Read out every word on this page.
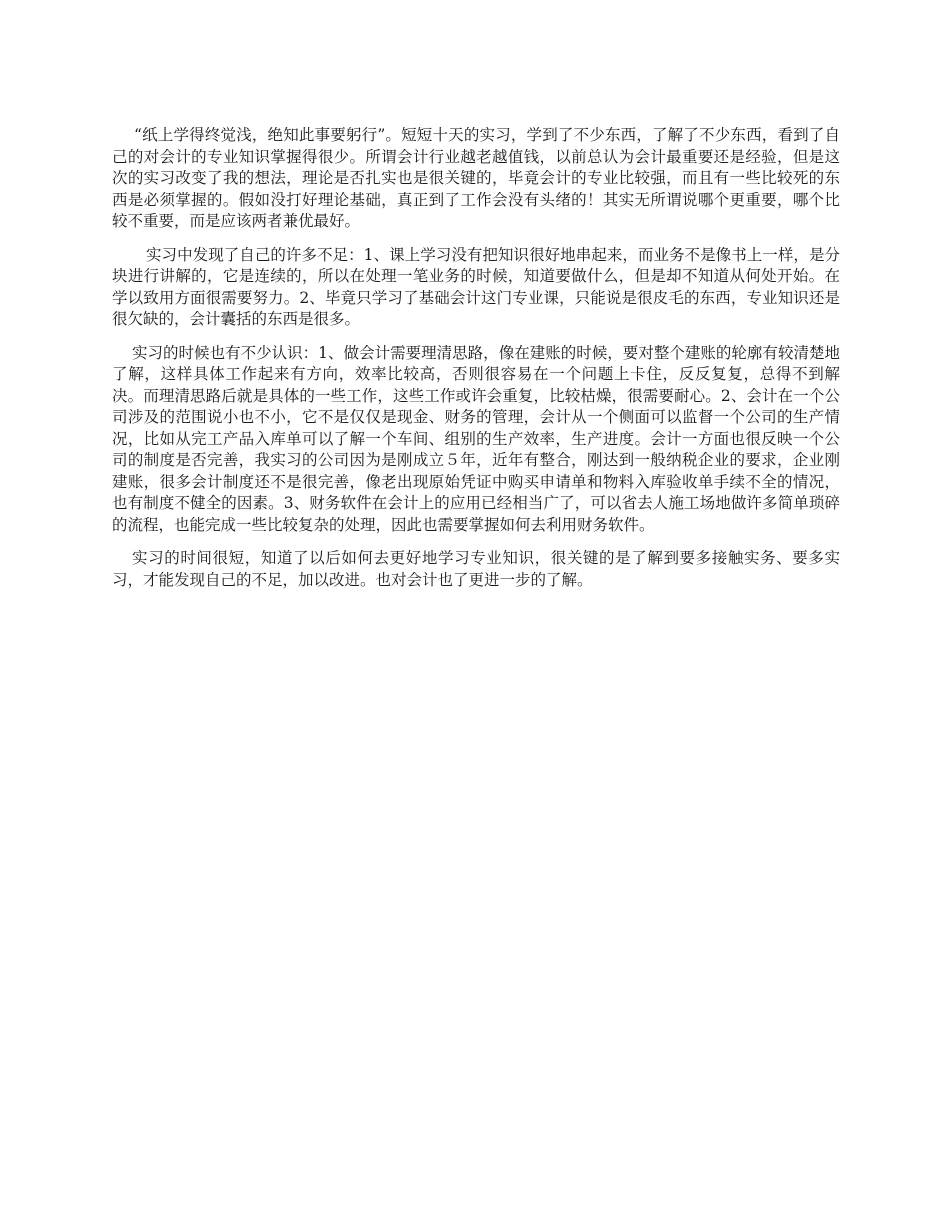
“纸上学得终觉浅，绝知此事要躬行”。短短十天的实习，学到了不少东西，了解了不少东西，看到了自己的对会计的专业知识掌握得很少。所谓会计行业越老越值钱，以前总认为会计最重要还是经验，但是这次的实习改变了我的想法，理论是否扎实也是很关键的，毕竟会计的专业比较强，而且有一些比较死的东西是必须掌握的。假如没打好理论基础，真正到了工作会没有头绪的！其实无所谓说哪个更重要，哪个比较不重要，而是应该两者兼优最好。

实习中发现了自己的许多不足：1、课上学习没有把知识很好地串起来，而业务不是像书上一样，是分块进行讲解的，它是连续的，所以在处理一笔业务的时候，知道要做什么，但是却不知道从何处开始。在学以致用方面很需要努力。2、毕竟只学习了基础会计这门专业课，只能说是很皮毛的东西，专业知识还是很欠缺的，会计囊括的东西是很多。

实习的时候也有不少认识：1、做会计需要理清思路，像在建账的时候，要对整个建账的轮廓有较清楚地了解，这样具体工作起来有方向，效率比较高，否则很容易在一个问题上卡住，反反复复，总得不到解决。而理清思路后就是具体的一些工作，这些工作或许会重复，比较枯燥，很需要耐心。2、会计在一个公司涉及的范围说小也不小，它不是仅仅是现金、财务的管理，会计从一个侧面可以监督一个公司的生产情况，比如从完工产品入库单可以了解一个车间、组别的生产效率，生产进度。会计一方面也很反映一个公司的制度是否完善，我实习的公司因为是刚成立５年，近年有整合，刚达到一般纳税企业的要求，企业刚建账，很多会计制度还不是很完善，像老出现原始凭证中购买申请单和物料入库验收单手续不全的情况，也有制度不健全的因素。3、财务软件在会计上的应用已经相当广了，可以省去人施工场地做许多简单琐碎的流程，也能完成一些比较复杂的处理，因此也需要掌握如何去利用财务软件。

实习的时间很短，知道了以后如何去更好地学习专业知识，很关键的是了解到要多接触实务、要多实习，才能发现自己的不足，加以改进。也对会计也了更进一步的了解。
